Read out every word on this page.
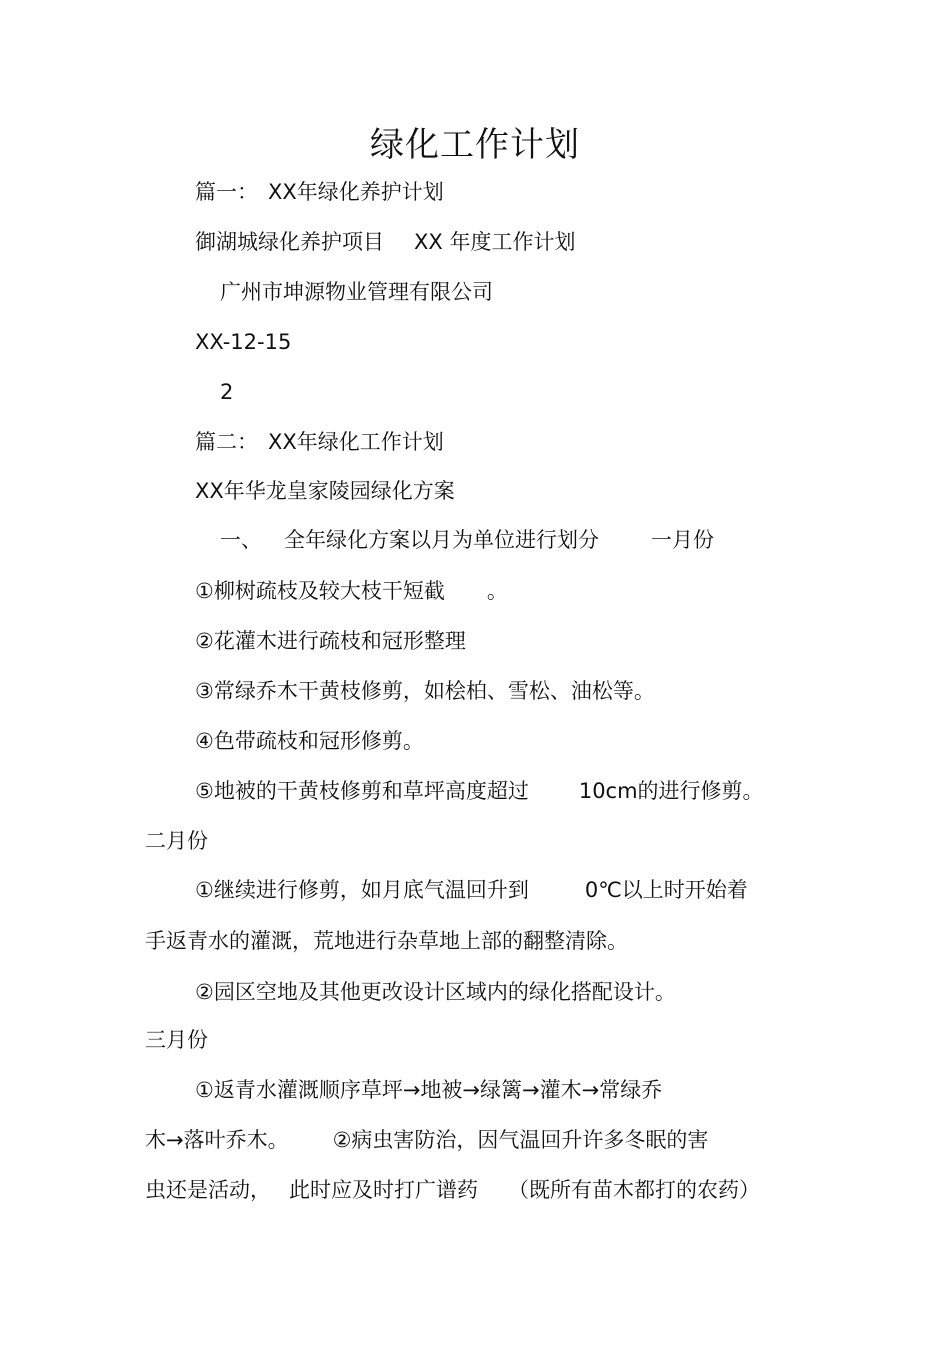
绿化工作计划
篇一： XX年绿化养护计划
御湖城绿化养护项目 XX 年度工作计划
广州市坤源物业管理有限公司
XX-12-15
2
篇二： XX年绿化工作计划
XX年华龙皇家陵园绿化方案
一、 全年绿化方案以月为单位进行划分 一月份
①柳树疏枝及较大枝干短截 。
②花灌木进行疏枝和冠形整理
③常绿乔木干黄枝修剪，如桧柏、雪松、油松等。
④色带疏枝和冠形修剪。
⑤地被的干黄枝修剪和草坪高度超过 10cm的进行修剪。
二月份
①继续进行修剪，如月底气温回升到	0℃以上时开始着
手返青水的灌溉，荒地进行杂草地上部的翻整清除。
②园区空地及其他更改设计区域内的绿化搭配设计。
三月份
①返青水灌溉顺序草坪→地被→绿篱→灌木→常绿乔
木→落叶乔木。 ②病虫害防治，因气温回升许多冬眠的害
虫还是活动， 此时应及时打广谱药 （既所有苗木都打的农药）
